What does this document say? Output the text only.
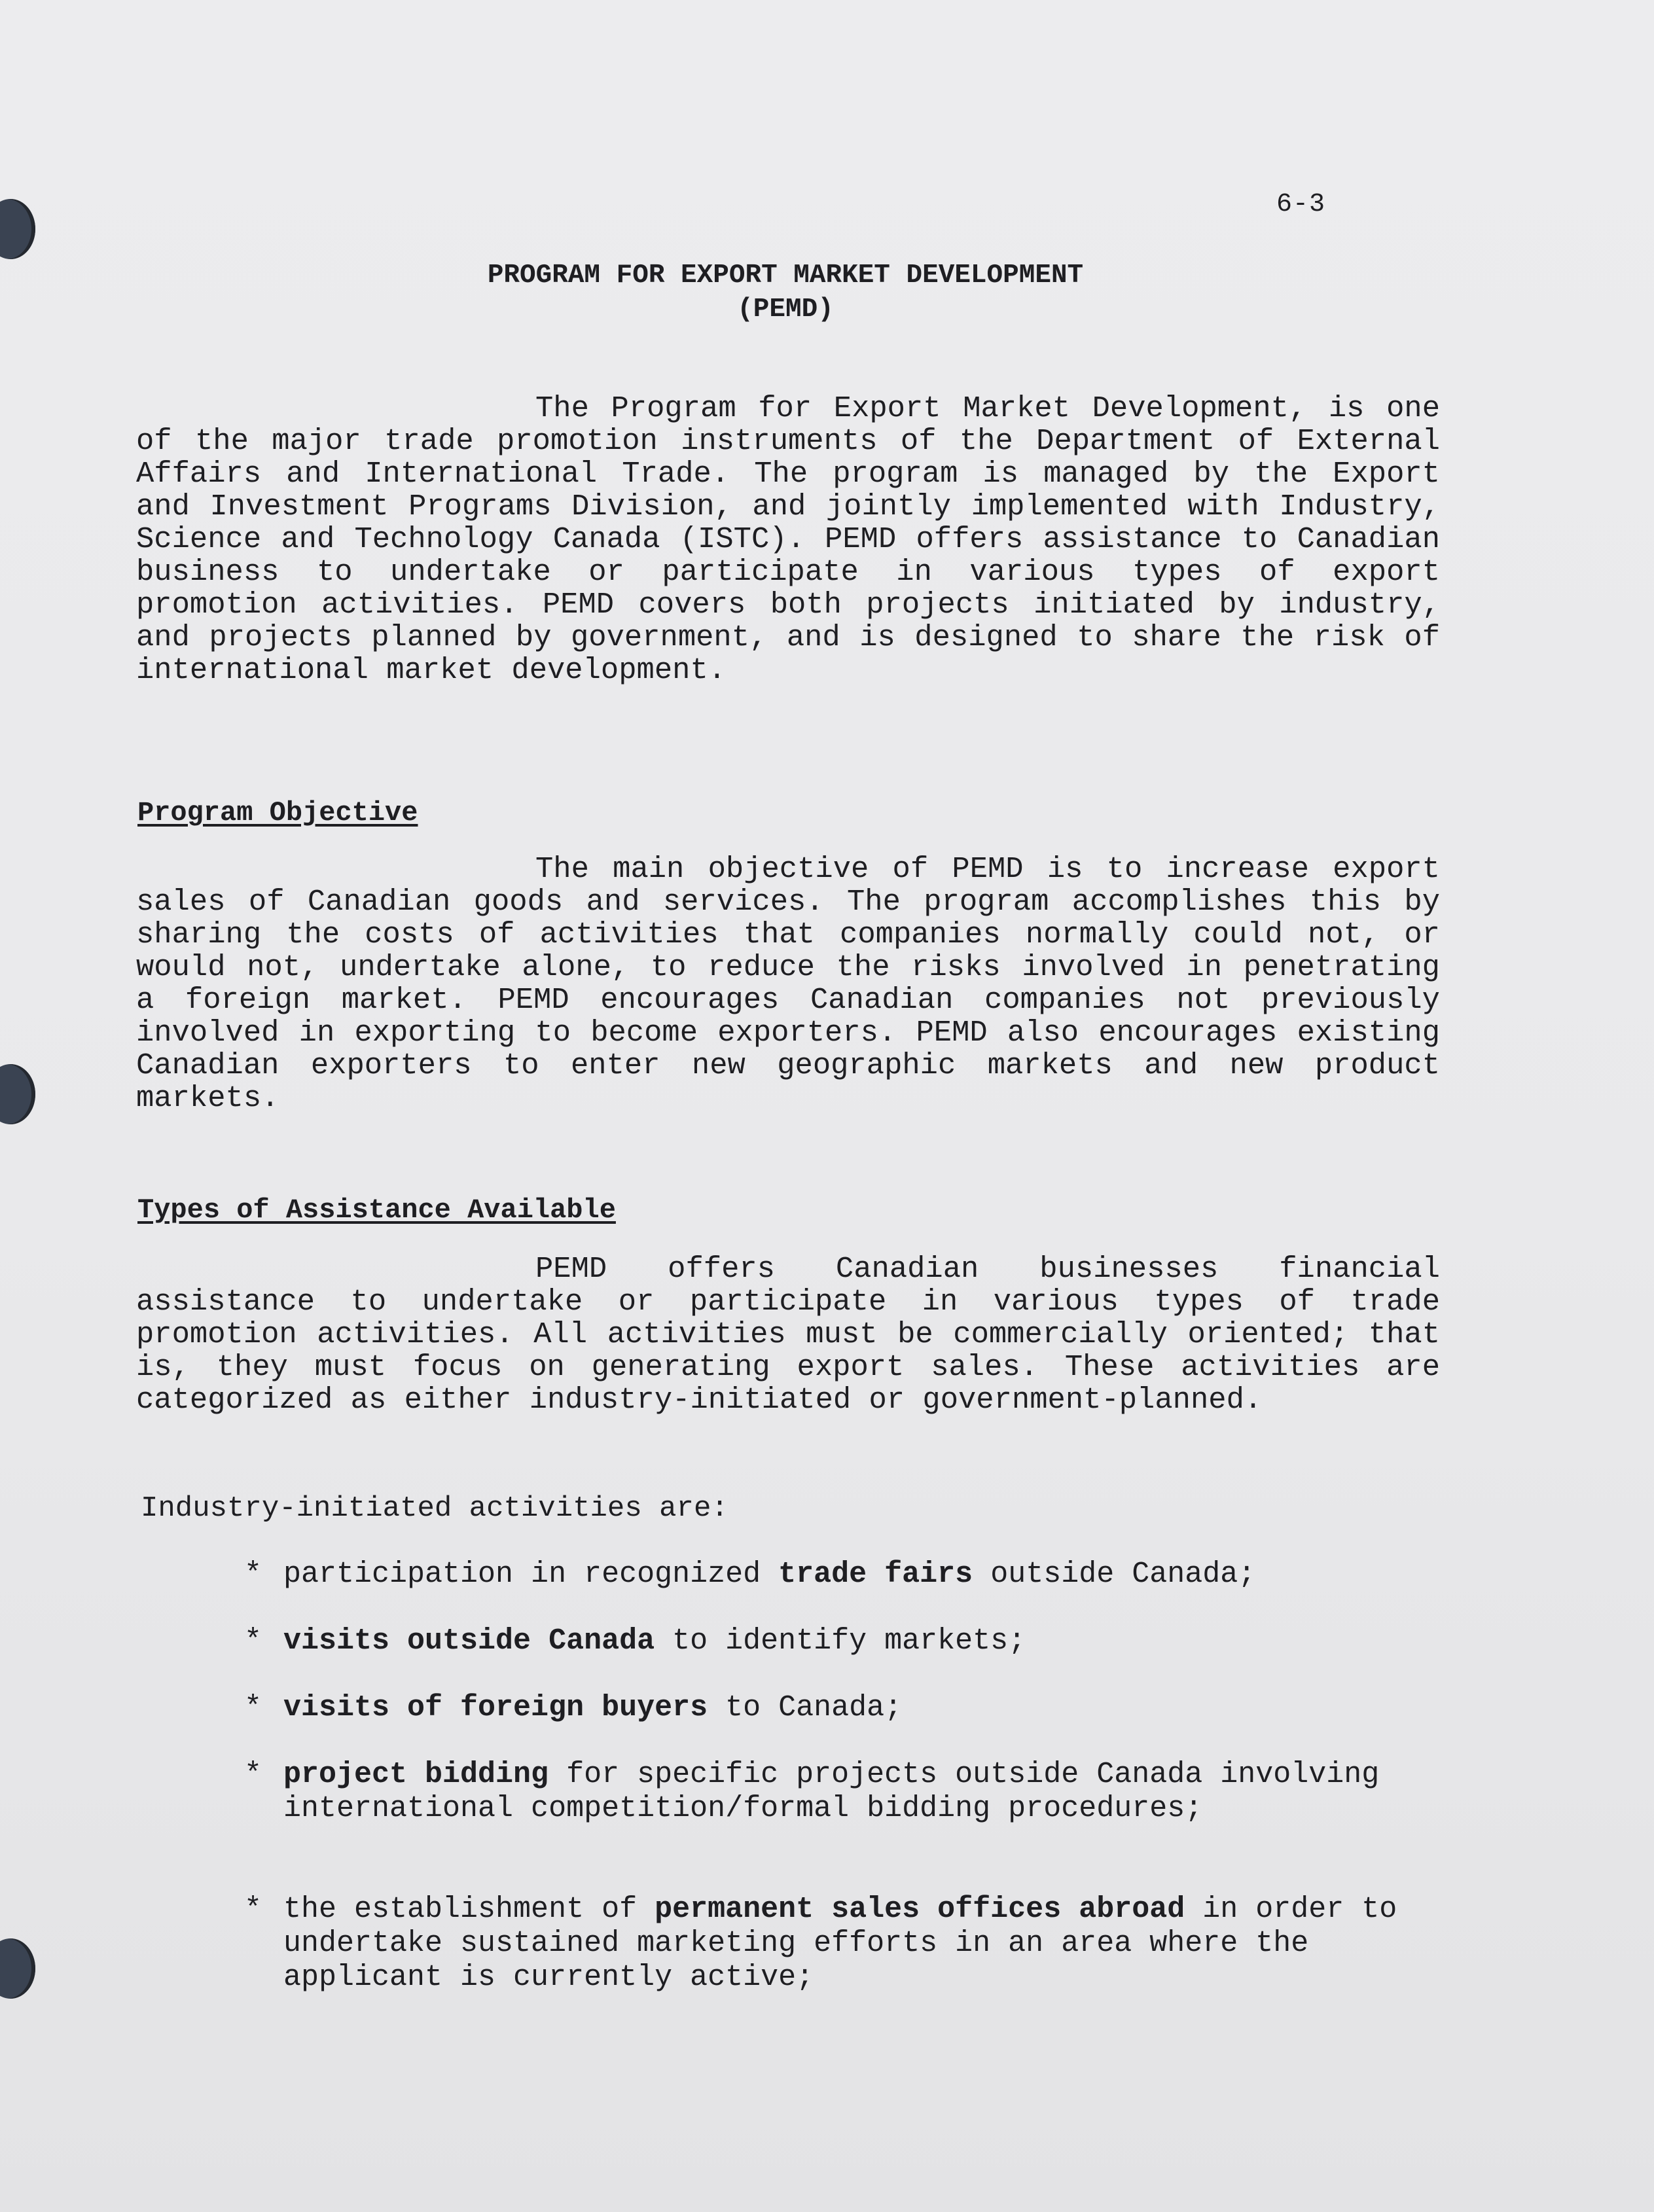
6-3
PROGRAM FOR EXPORT MARKET DEVELOPMENT
(PEMD)

The Program for Export Market Development, is one of the major trade promotion instruments of the Department of External Affairs and International Trade. The program is managed by the Export and Investment Programs Division, and jointly implemented with Industry, Science and Technology Canada (ISTC). PEMD offers assistance to Canadian business to undertake or participate in various types of export promotion activities. PEMD covers both projects initiated by industry, and projects planned by government, and is designed to share the risk of international market development.

Program Objective

The main objective of PEMD is to increase export sales of Canadian goods and services. The program accomplishes this by sharing the costs of activities that companies normally could not, or would not, undertake alone, to reduce the risks involved in penetrating a foreign market. PEMD encourages Canadian companies not previously involved in exporting to become exporters. PEMD also encourages existing Canadian exporters to enter new geographic markets and new product markets.

Types of Assistance Available

PEMD offers Canadian businesses financial assistance to undertake or participate in various types of trade promotion activities. All activities must be commercially oriented; that is, they must focus on generating export sales. These activities are categorized as either industry-initiated or government-planned.

Industry-initiated activities are:
* participation in recognized trade fairs outside Canada;
* visits outside Canada to identify markets;
* visits of foreign buyers to Canada;
* project bidding for specific projects outside Canada involving international competition/formal bidding procedures;
* the establishment of permanent sales offices abroad in order to undertake sustained marketing efforts in an area where the applicant is currently active;
